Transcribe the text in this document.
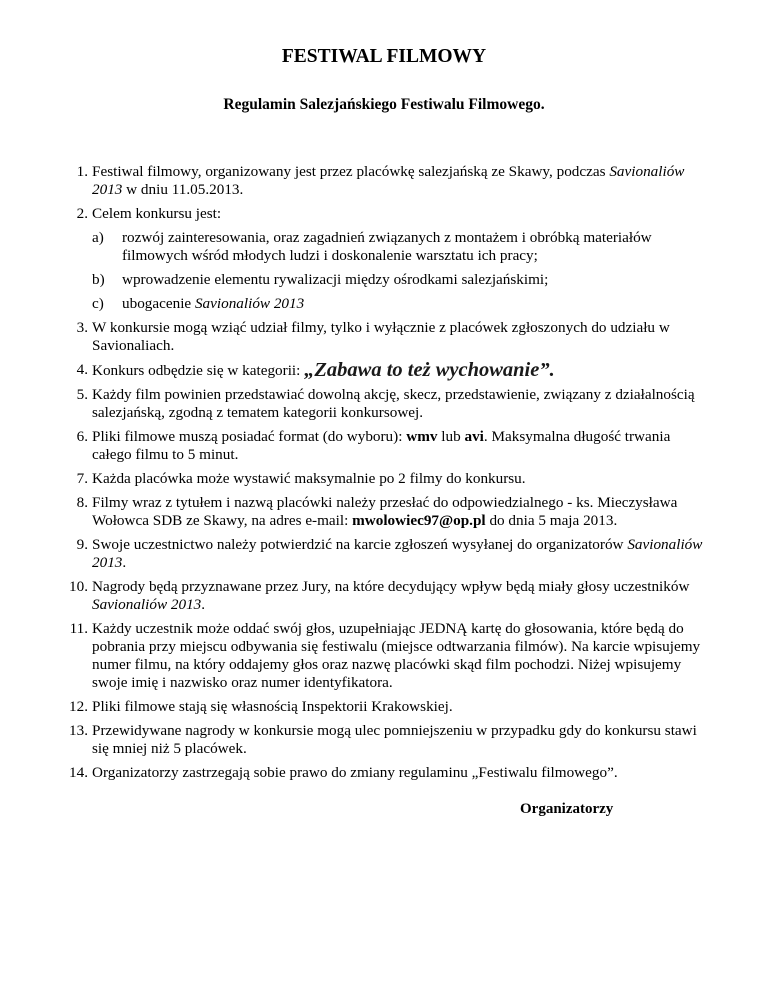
FESTIWAL FILMOWY
Regulamin Salezjańskiego Festiwalu Filmowego.
1. Festiwal filmowy, organizowany jest przez placówkę salezjańską ze Skawy, podczas Savionaliów 2013 w dniu 11.05.2013.
2. Celem konkursu jest:
a) rozwój zainteresowania, oraz zagadnień związanych z montażem i obróbką materiałów filmowych wśród młodych ludzi i doskonalenie warsztatu ich pracy;
b) wprowadzenie elementu rywalizacji między ośrodkami salezjańskimi;
c) ubogacenie Savionaliów 2013
3. W konkursie mogą wziąć udział filmy, tylko i wyłącznie z placówek zgłoszonych do udziału w Savionaliach.
4. Konkurs odbędzie się w kategorii: „Zabawa to też wychowanie”.
5. Każdy film powinien przedstawiać dowolną akcję, skecz, przedstawienie, związany z działalnością salezjańską, zgodną z tematem kategorii konkursowej.
6. Pliki filmowe muszą posiadać format (do wyboru): wmv lub avi. Maksymalna długość trwania całego filmu to 5 minut.
7. Każda placówka może wystawić maksymalnie po 2 filmy do konkursu.
8. Filmy wraz z tytułem i nazwą placówki należy przesłać do odpowiedzialnego - ks. Mieczysława Wołowca SDB ze Skawy, na adres e-mail: mwolowiec97@op.pl do dnia 5 maja 2013.
9. Swoje uczestnictwo należy potwierdzić na karcie zgłoszeń wysyłanej do organizatorów Savionaliów 2013.
10. Nagrody będą przyznawane przez Jury, na które decydujący wpływ będą miały głosy uczestników Savionaliów 2013.
11. Każdy uczestnik może oddać swój głos, uzupełniając JEDNĄ kartę do głosowania, które będą do pobrania przy miejscu odbywania się festiwalu (miejsce odtwarzania filmów). Na karcie wpisujemy numer filmu, na który oddajemy głos oraz nazwę placówki skąd film pochodzi. Niżej wpisujemy swoje imię i nazwisko oraz numer identyfikatora.
12. Pliki filmowe stają się własnością Inspektorii Krakowskiej.
13. Przewidywane nagrody w konkursie mogą ulec pomniejszeniu w przypadku gdy do konkursu stawi się mniej niż 5 placówek.
14. Organizatorzy zastrzegają sobie prawo do zmiany regulaminu „Festiwalu filmowego”.
Organizatorzy
